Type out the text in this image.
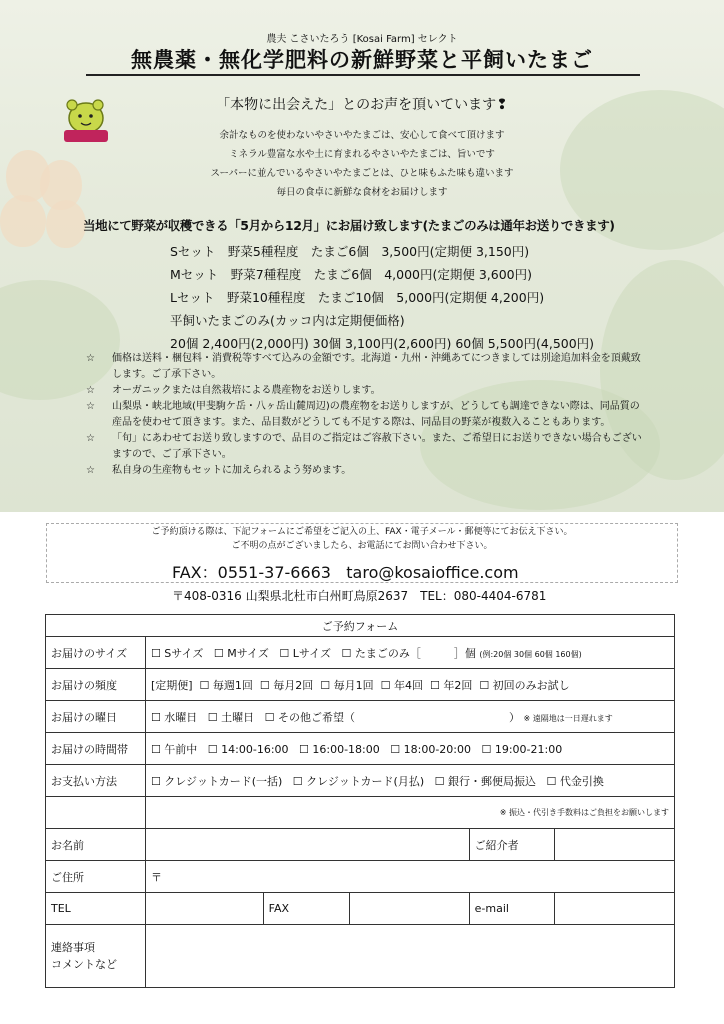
農夫 こさいたろう [Kosai Farm] セレクト
無農薬・無化学肥料の新鮮野菜と平飼いたまご
「本物に出会えた」とのお声を頂いています❢
余計なものを使わないやさいやたまごは、安心して食べて頂けます
ミネラル豊富な水や土に育まれるやさいやたまごは、旨いです
スーパーに並んでいるやさいやたまごとは、ひと味もふた味も違います
毎日の食卓に新鮮な食材をお届けします
当地にて野菜が収穫できる「5月から12月」にお届け致します(たまごのみは通年お送りできます)
Sセット　野菜5種程度　たまご6個　3,500円(定期便 3,150円)
Mセット　野菜7種程度　たまご6個　4,000円(定期便 3,600円)
Lセット　野菜10種程度　たまご10個　5,000円(定期便 4,200円)
平飼いたまごのみ(カッコ内は定期便価格)
20個 2,400円(2,000円) 30個 3,100円(2,600円) 60個 5,500円(4,500円)
☆	価格は送料・梱包料・消費税等すべて込みの金額です。北海道・九州・沖縄あてにつきましては別途追加料金を頂戴致します。ご了承下さい。
☆	オーガニックまたは自然栽培による農産物をお送りします。
☆	山梨県・峡北地域(甲斐駒ケ岳・八ヶ岳山麓周辺)の農産物をお送りしますが、どうしても調達できない際は、同品質の産品を使わせて頂きます。また、品目数がどうしても不足する際は、同品目の野菜が複数入ることもあります。
☆	「旬」にあわせてお送り致しますので、品目のご指定はご容赦下さい。また、ご希望日にお送りできない場合もございますので、ご了承下さい。
☆	私自身の生産物もセットに加えられるよう努めます。
ご予約頂ける際は、下記フォームにご希望をご記入の上、FAX・電子メール・郵便等にてお伝え下さい。
ご不明の点がございましたら、お電話にてお問い合わせ下さい。
FAX：0551-37-6663 taro@kosaioffice.com
〒408-0316 山梨県北杜市白州町鳥原2637　TEL：080-4404-6781
ご予約フォーム					
お届けのサイズ	☐ Sサイズ ☐ Mサイズ ☐ Lサイズ ☐ たまごのみ［　　　］個 (例:20個 30個 60個 160個)				
お届けの頻度	[定期便] ☐ 毎週1回 ☐ 毎月2回 ☐ 毎月1回 ☐ 年4回 ☐ 年2回 ☐ 初回のみお試し				
お届けの曜日	☐ 水曜日 ☐ 土曜日 ☐ その他ご希望（　　　　　　　　　　　　　　） ※ 遠隔地は一日遅れます				
お届けの時間帯	☐ 午前中 ☐ 14:00-16:00 ☐ 16:00-18:00 ☐ 18:00-20:00 ☐ 19:00-21:00				
お支払い方法	☐ クレジットカード(一括) ☐ クレジットカード(月払) ☐ 銀行・郵便局振込 ☐ 代金引換				
	※ 振込・代引き手数料はご負担をお願いします				
お名前				ご紹介者	
ご住所	〒				
TEL		FAX		e-mail	

連絡事項
コメントなど					
